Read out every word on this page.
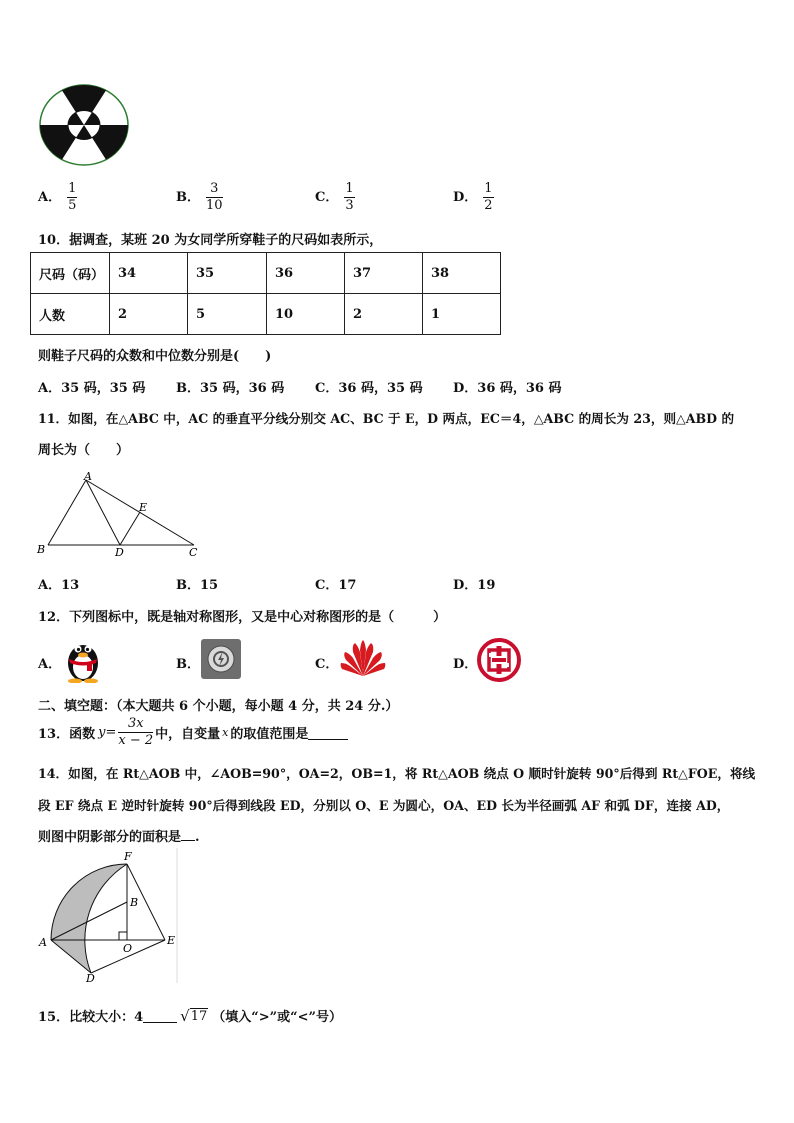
A． $\frac{1}{5}$	B． $\frac{3}{10}$	C． $\frac{1}{3}$	D． $\frac{1}{2}$
10．据调查，某班 20 为女同学所穿鞋子的尺码如表所示，
尺码（码）	34	35	36	37	38
人数	2	5	10	2	1
则鞋子尺码的众数和中位数分别是(　　)
A．35 码，35 码 B．35 码，36 码 C．36 码，35 码 D．36 码，36 码
11．如图，在△ABC 中，AC 的垂直平分线分别交 AC、BC 于 E，D 两点，EC＝4，△ABC 的周长为 23，则△ABD 的
周长为（　　）
A
B	D
E
C
A．13	B．15	C．17	D．19
12．下列图标中，既是轴对称图形，又是中心对称图形的是（　　　）
A．	B．	C．	D．
二、填空题：（本大题共 6 个小题，每小题 4 分，共 24 分.）
13．函数 $y = \frac{3x}{x - 2}$ 中，自变量 x 的取值范围是
14．如图，在 Rt△AOB 中，∠AOB=90°，OA=2，OB=1，将 Rt△AOB 绕点 O 顺时针旋转 90°后得到 Rt△FOE，将线
段 EF 绕点 E 逆时针旋转 90°后得到线段 ED，分别以 O、E 为圆心，OA、ED 长为半径画弧 AF 和弧 DF，连接 AD，
则图中阴影部分的面积是 .
F
B
A	O
E
D
15．比较大小：4 √ 17 （填入“>”或“<”号）
